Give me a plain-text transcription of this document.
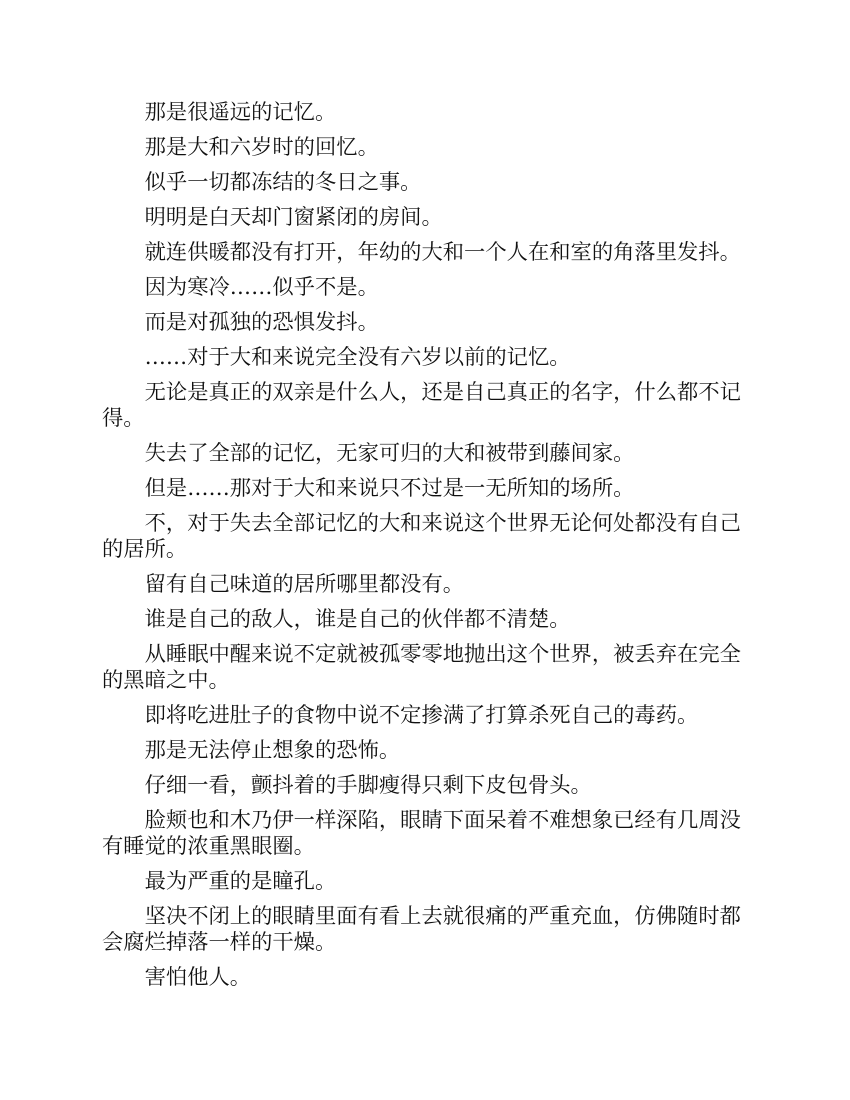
那是很遥远的记忆。

那是大和六岁时的回忆。

似乎一切都冻结的冬日之事。

明明是白天却门窗紧闭的房间。

就连供暖都没有打开，年幼的大和一个人在和室的角落里发抖。

因为寒冷……似乎不是。

而是对孤独的恐惧发抖。

……对于大和来说完全没有六岁以前的记忆。

无论是真正的双亲是什么人，还是自己真正的名字，什么都不记得。

失去了全部的记忆，无家可归的大和被带到藤间家。

但是……那对于大和来说只不过是一无所知的场所。

不，对于失去全部记忆的大和来说这个世界无论何处都没有自己的居所。

留有自己味道的居所哪里都没有。

谁是自己的敌人，谁是自己的伙伴都不清楚。

从睡眠中醒来说不定就被孤零零地抛出这个世界，被丢弃在完全的黑暗之中。

即将吃进肚子的食物中说不定掺满了打算杀死自己的毒药。

那是无法停止想象的恐怖。

仔细一看，颤抖着的手脚瘦得只剩下皮包骨头。

脸颊也和木乃伊一样深陷，眼睛下面呆着不难想象已经有几周没有睡觉的浓重黑眼圈。

最为严重的是瞳孔。

坚决不闭上的眼睛里面有看上去就很痛的严重充血，仿佛随时都会腐烂掉落一样的干燥。

害怕他人。
